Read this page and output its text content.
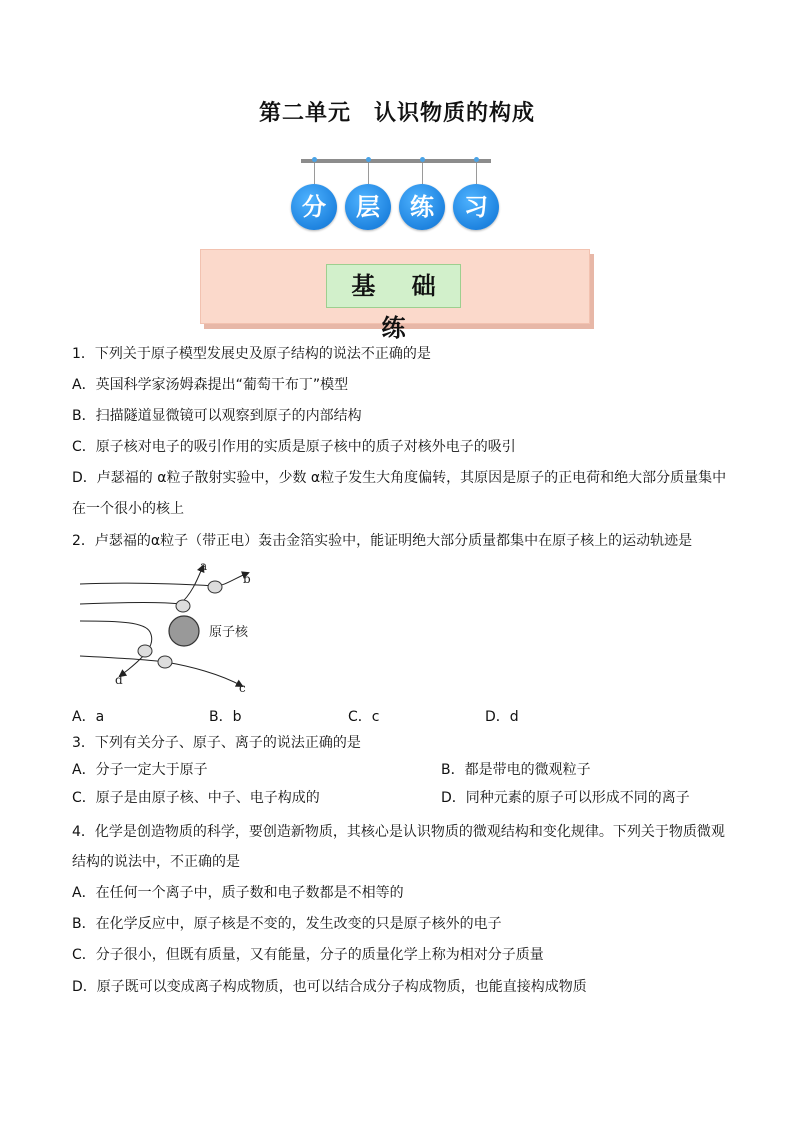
第二单元　认识物质的构成
分	层	练	习
基 础 练
1．下列关于原子模型发展史及原子结构的说法不正确的是
A．英国科学家汤姆森提出“葡萄干布丁”模型
B．扫描隧道显微镜可以观察到原子的内部结构
C．原子核对电子的吸引作用的实质是原子核中的质子对核外电子的吸引
D．卢瑟福的 α粒子散射实验中，少数 α粒子发生大角度偏转，其原因是原子的正电荷和绝大部分质量集中
在一个很小的核上
2．卢瑟福的α粒子（带正电）轰击金箔实验中，能证明绝大部分质量都集中在原子核上的运动轨迹是
原子核
a
b
d
c
A．a	B．b	C．c	D．d
3．下列有关分子、原子、离子的说法正确的是
A．分子一定大于原子	B．都是带电的微观粒子
C．原子是由原子核、中子、电子构成的	D．同种元素的原子可以形成不同的离子
4．化学是创造物质的科学，要创造新物质，其核心是认识物质的微观结构和变化规律。下列关于物质微观
结构的说法中，不正确的是
A．在任何一个离子中，质子数和电子数都是不相等的
B．在化学反应中，原子核是不变的，发生改变的只是原子核外的电子
C．分子很小，但既有质量，又有能量，分子的质量化学上称为相对分子质量
D．原子既可以变成离子构成物质，也可以结合成分子构成物质，也能直接构成物质
